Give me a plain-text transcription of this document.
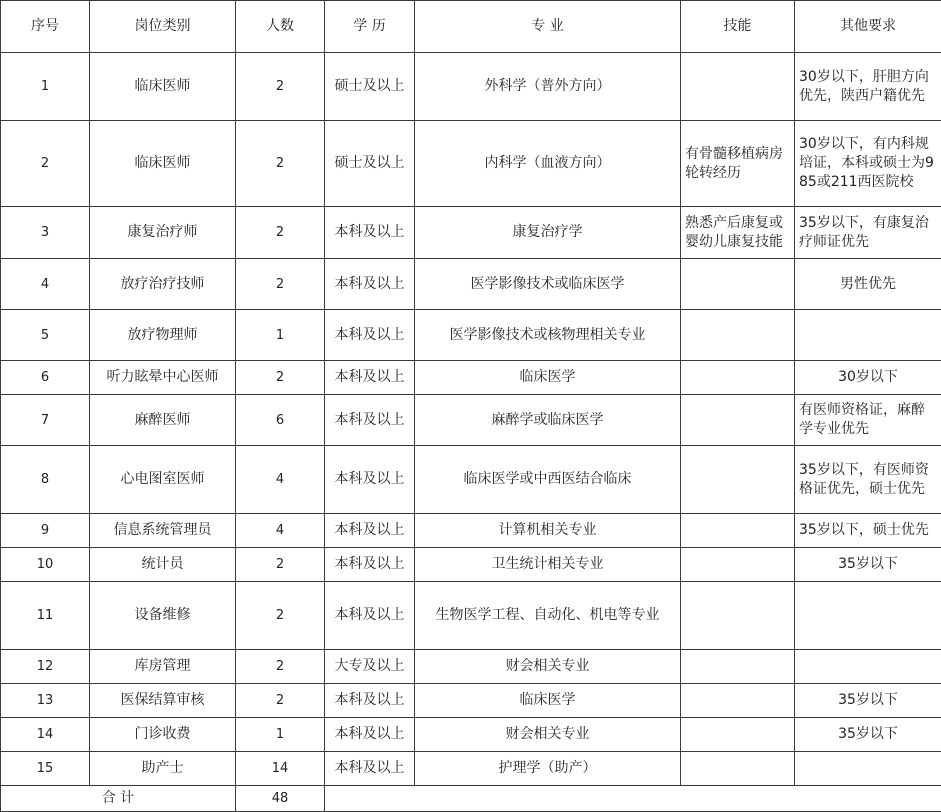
序号	岗位类别	人数	学 历	专 业	技能	其他要求
1	临床医师	2	硕士及以上	外科学（普外方向）		30岁以下，肝胆方向优先，陕西户籍优先
2	临床医师	2	硕士及以上	内科学（血液方向）	有骨髓移植病房轮转经历	30岁以下，有内科规培证，本科或硕士为985或211西医院校
3	康复治疗师	2	本科及以上	康复治疗学	熟悉产后康复或婴幼儿康复技能	35岁以下，有康复治疗师证优先
4	放疗治疗技师	2	本科及以上	医学影像技术或临床医学		男性优先
5	放疗物理师	1	本科及以上	医学影像技术或核物理相关专业		
6	听力眩晕中心医师	2	本科及以上	临床医学		30岁以下
7	麻醉医师	6	本科及以上	麻醉学或临床医学		有医师资格证，麻醉学专业优先
8	心电图室医师	4	本科及以上	临床医学或中西医结合临床		35岁以下，有医师资格证优先，硕士优先
9	信息系统管理员	4	本科及以上	计算机相关专业		35岁以下，硕士优先
10	统计员	2	本科及以上	卫生统计相关专业		35岁以下
11	设备维修	2	本科及以上	生物医学工程、自动化、机电等专业		
12	库房管理	2	大专及以上	财会相关专业		
13	医保结算审核	2	本科及以上	临床医学		35岁以下
14	门诊收费	1	本科及以上	财会相关专业		35岁以下
15	助产士	14	本科及以上	护理学（助产）		
合 计		48				
